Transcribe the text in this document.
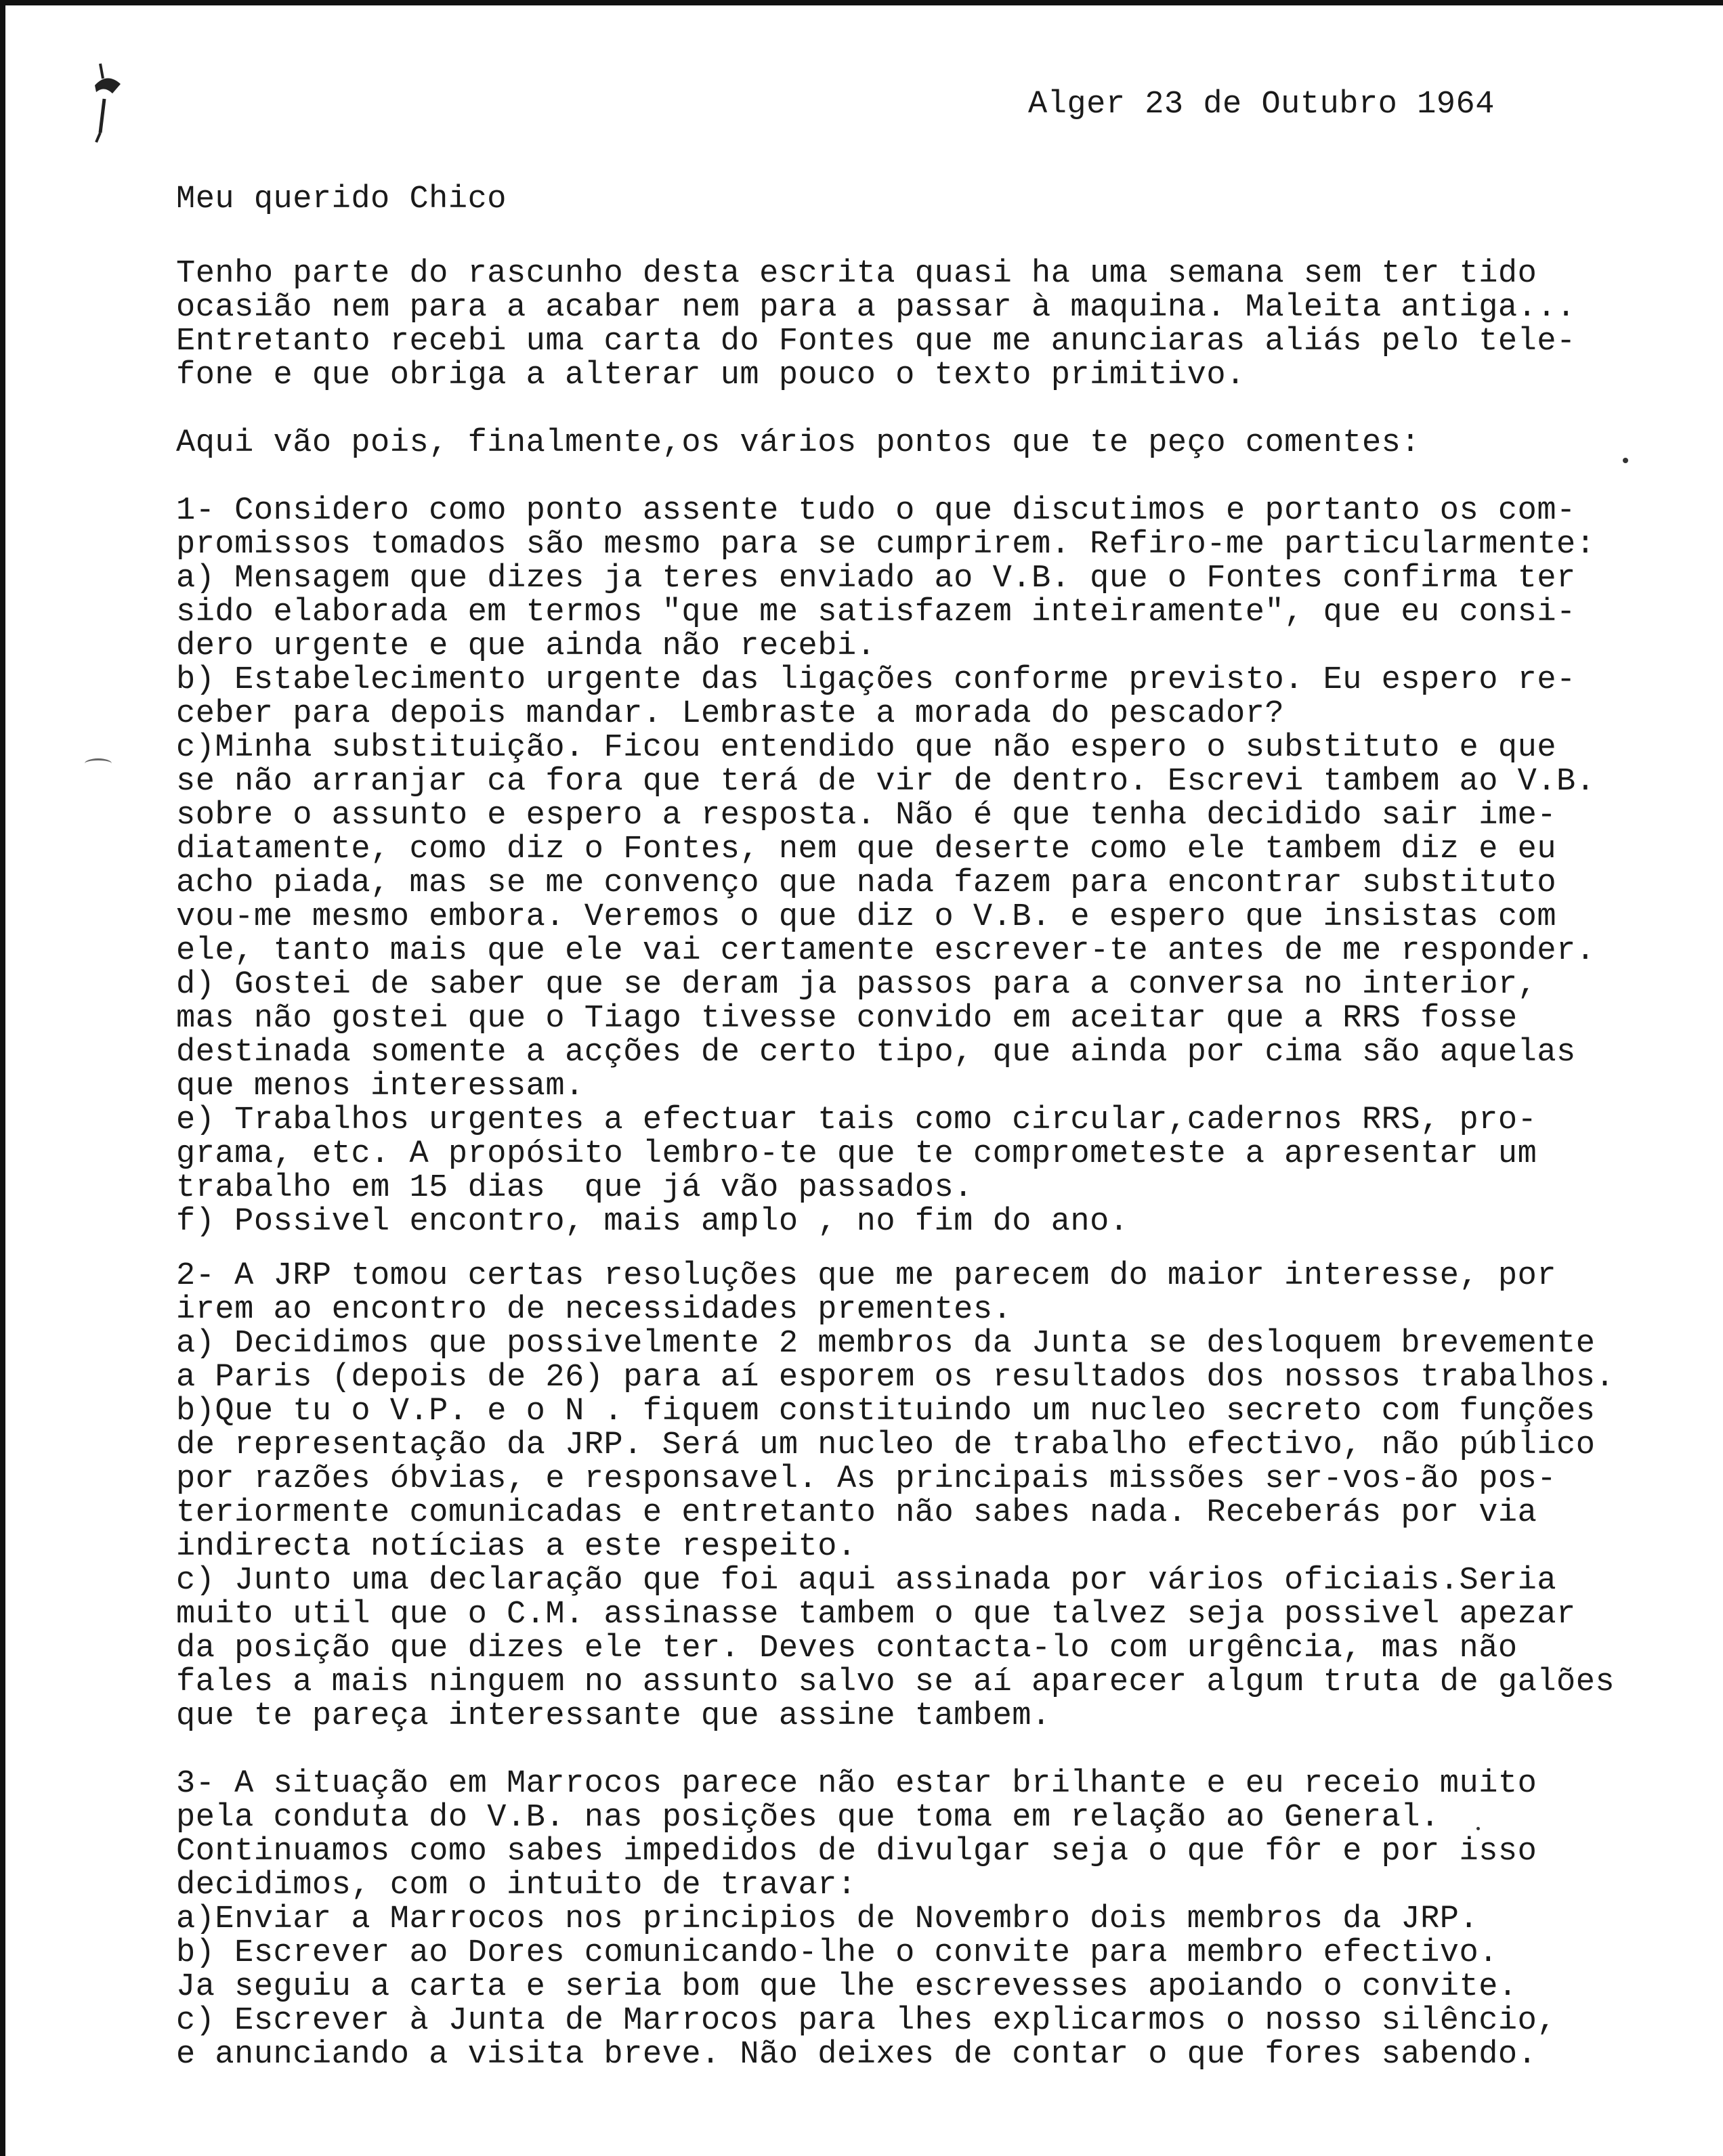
Alger 23 de Outubro 1964
Meu querido Chico
Tenho parte do rascunho desta escrita quasi ha uma semana sem ter tido
ocasião nem para a acabar nem para a passar à maquina. Maleita antiga...
Entretanto recebi uma carta do Fontes que me anunciaras aliás pelo tele-
fone e que obriga a alterar um pouco o texto primitivo.
Aqui vão pois, finalmente,os vários pontos que te peço comentes:
1- Considero como ponto assente tudo o que discutimos e portanto os com-
promissos tomados são mesmo para se cumprirem. Refiro-me particularmente:
a) Mensagem que dizes ja teres enviado ao V.B. que o Fontes confirma ter
sido elaborada em termos "que me satisfazem inteiramente", que eu consi-
dero urgente e que ainda não recebi.
b) Estabelecimento urgente das ligações conforme previsto. Eu espero re-
ceber para depois mandar. Lembraste a morada do pescador?
c)Minha substituição. Ficou entendido que não espero o substituto e que
se não arranjar ca fora que terá de vir de dentro. Escrevi tambem ao V.B.
sobre o assunto e espero a resposta. Não é que tenha decidido sair ime-
diatamente, como diz o Fontes, nem que deserte como ele tambem diz e eu
acho piada, mas se me convenço que nada fazem para encontrar substituto
vou-me mesmo embora. Veremos o que diz o V.B. e espero que insistas com
ele, tanto mais que ele vai certamente escrever-te antes de me responder.
d) Gostei de saber que se deram ja passos para a conversa no interior,
mas não gostei que o Tiago tivesse convido em aceitar que a RRS fosse
destinada somente a acções de certo tipo, que ainda por cima são aquelas
que menos interessam.
e) Trabalhos urgentes a efectuar tais como circular,cadernos RRS, pro-
grama, etc. A propósito lembro-te que te comprometeste a apresentar um
trabalho em 15 dias  que já vão passados.
f) Possivel encontro, mais amplo , no fim do ano.
2- A JRP tomou certas resoluções que me parecem do maior interesse, por
irem ao encontro de necessidades prementes.
a) Decidimos que possivelmente 2 membros da Junta se desloquem brevemente
a Paris (depois de 26) para aí esporem os resultados dos nossos trabalhos.
b)Que tu o V.P. e o N . fiquem constituindo um nucleo secreto com funções
de representação da JRP. Será um nucleo de trabalho efectivo, não público
por razões óbvias, e responsavel. As principais missões ser-vos-ão pos-
teriormente comunicadas e entretanto não sabes nada. Receberás por via
indirecta notícias a este respeito.
c) Junto uma declaração que foi aqui assinada por vários oficiais.Seria
muito util que o C.M. assinasse tambem o que talvez seja possivel apezar
da posição que dizes ele ter. Deves contacta-lo com urgência, mas não
fales a mais ninguem no assunto salvo se aí aparecer algum truta de galões
que te pareça interessante que assine tambem.
3- A situação em Marrocos parece não estar brilhante e eu receio muito
pela conduta do V.B. nas posições que toma em relação ao General.
Continuamos como sabes impedidos de divulgar seja o que fôr e por isso
decidimos, com o intuito de travar:
a)Enviar a Marrocos nos principios de Novembro dois membros da JRP.
b) Escrever ao Dores comunicando-lhe o convite para membro efectivo.
Ja seguiu a carta e seria bom que lhe escrevesses apoiando o convite.
c) Escrever à Junta de Marrocos para lhes explicarmos o nosso silêncio,
e anunciando a visita breve. Não deixes de contar o que fores sabendo.
